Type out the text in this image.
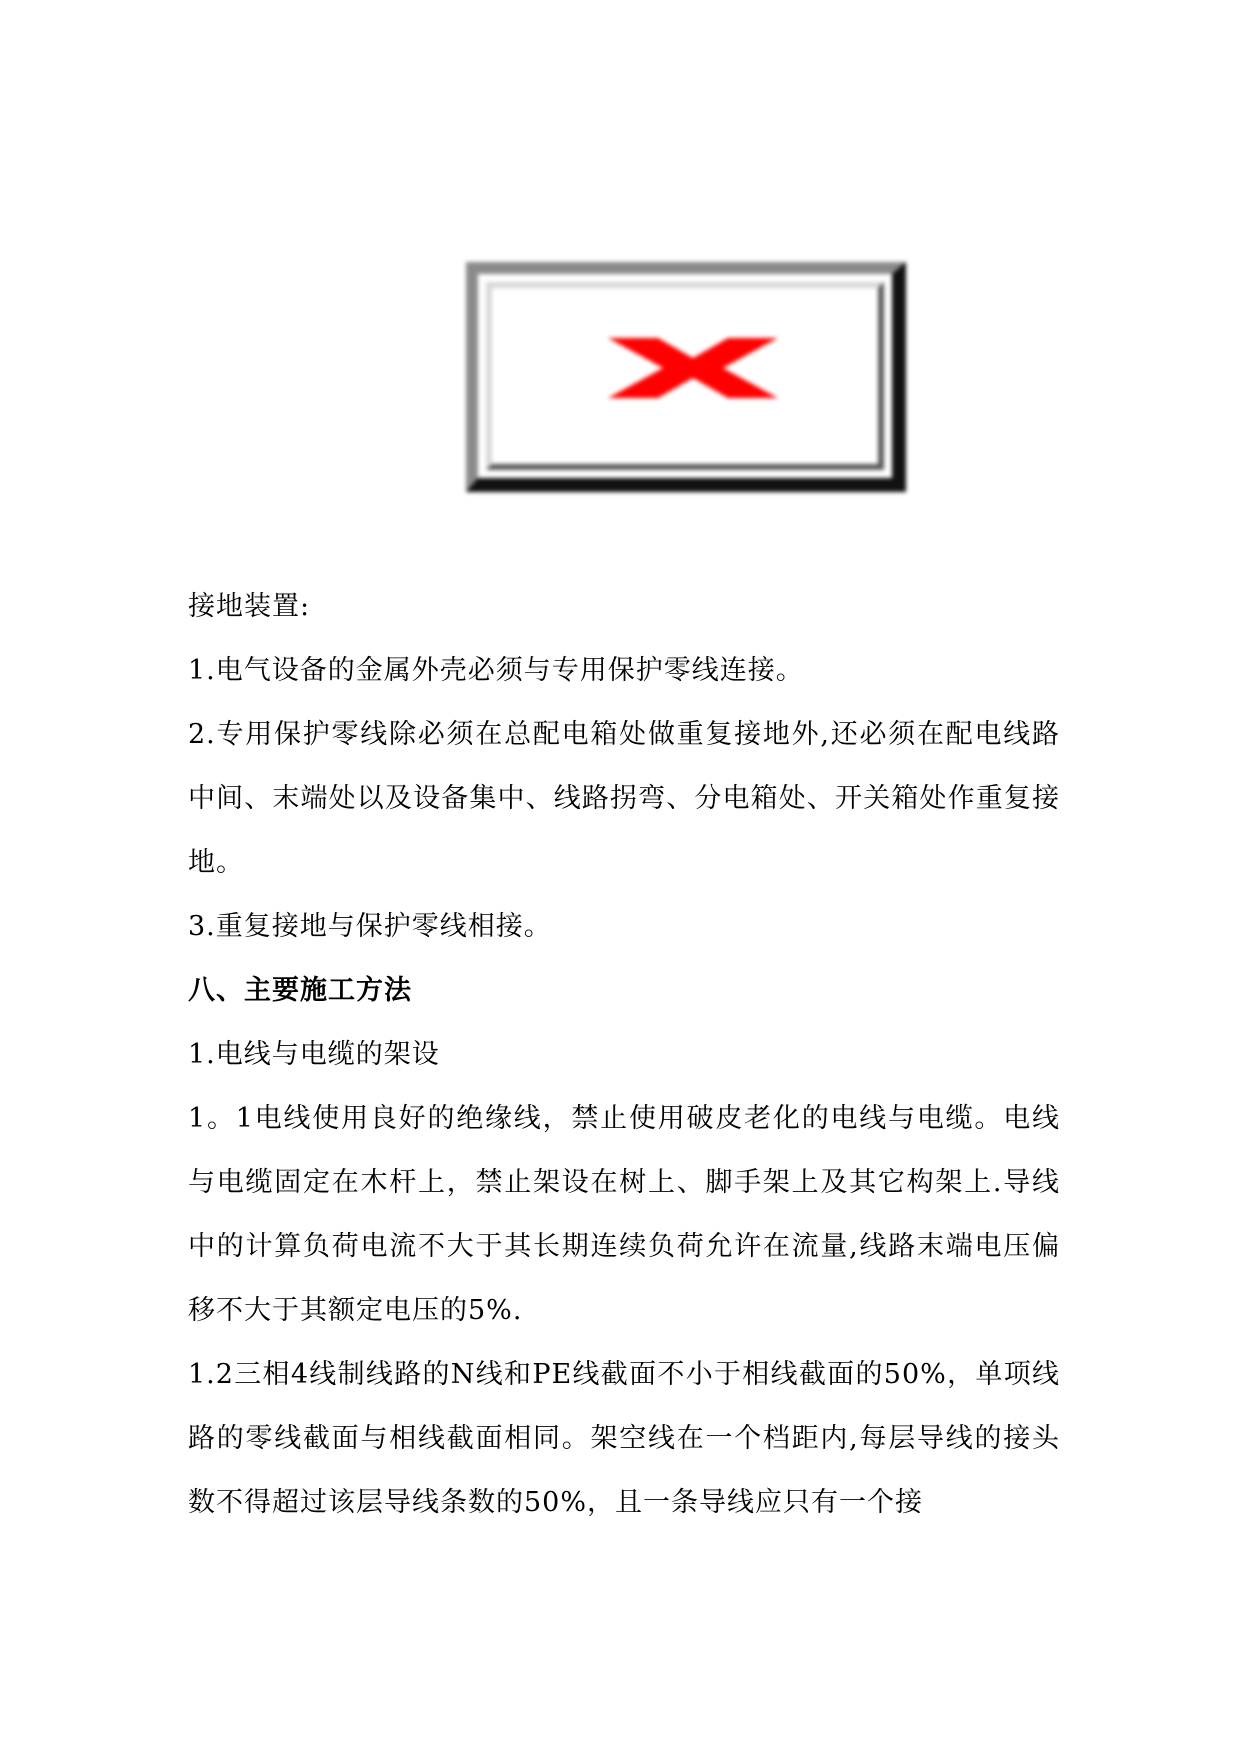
接地装置:

1.电气设备的金属外壳必须与专用保护零线连接。

2.专用保护零线除必须在总配电箱处做重复接地外,还必须在配电线路中间、末端处以及设备集中、线路拐弯、分电箱处、开关箱处作重复接地。

3.重复接地与保护零线相接。

八、主要施工方法

1.电线与电缆的架设

1。1电线使用良好的绝缘线，禁止使用破皮老化的电线与电缆。电线与电缆固定在木杆上，禁止架设在树上、脚手架上及其它构架上.导线中的计算负荷电流不大于其长期连续负荷允许在流量,线路末端电压偏移不大于其额定电压的5%.

1.2三相4线制线路的N线和PE线截面不小于相线截面的50%，单项线路的零线截面与相线截面相同。架空线在一个档距内,每层导线的接头数不得超过该层导线条数的50%，且一条导线应只有一个接
